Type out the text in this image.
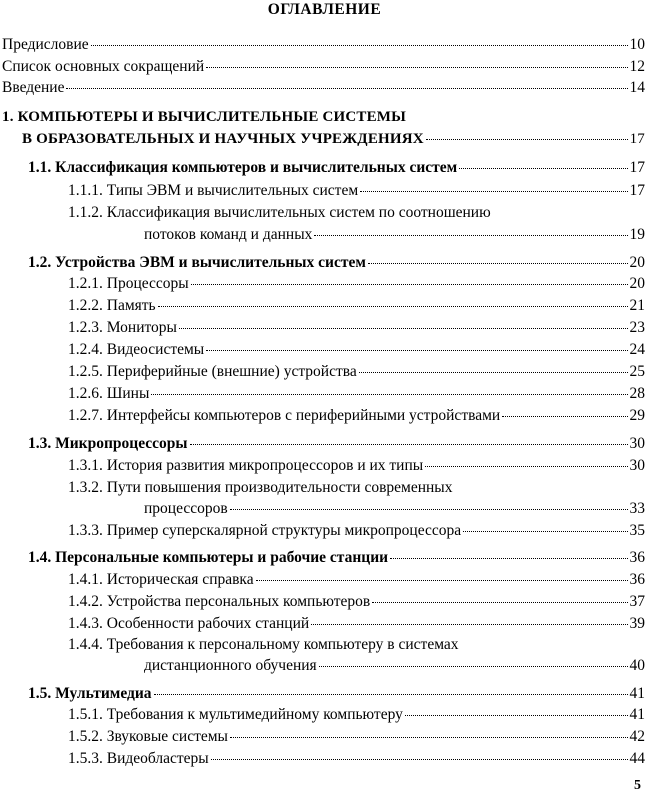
ОГЛАВЛЕНИЕ
Предисловие	10
Список основных сокращений	12
Введение	14
1. КОМПЬЮТЕРЫ И ВЫЧИСЛИТЕЛЬНЫЕ СИСТЕМЫ
В ОБРАЗОВАТЕЛЬНЫХ И НАУЧНЫХ УЧРЕЖДЕНИЯХ	17
1.1. Классификация компьютеров и вычислительных систем	17
1.1.1. Типы ЭВМ и вычислительных систем	17
1.1.2. Классификация вычислительных систем по соотношению
потоков команд и данных	19
1.2. Устройства ЭВМ и вычислительных систем	20
1.2.1. Процессоры	20
1.2.2. Память	21
1.2.3. Мониторы	23
1.2.4. Видеосистемы	24
1.2.5. Периферийные (внешние) устройства	25
1.2.6. Шины	28
1.2.7. Интерфейсы компьютеров с периферийными устройствами	29
1.3. Микропроцессоры	30
1.3.1. История развития микропроцессоров и их типы	30
1.3.2. Пути повышения производительности современных
процессоров	33
1.3.3. Пример суперскалярной структуры микропроцессора	35
1.4. Персональные компьютеры и рабочие станции	36
1.4.1. Историческая справка	36
1.4.2. Устройства персональных компьютеров	37
1.4.3. Особенности рабочих станций	39
1.4.4. Требования к персональному компьютеру в системах
дистанционного обучения	40
1.5. Мультимедиа	41
1.5.1. Требования к мультимедийному компьютеру	41
1.5.2. Звуковые системы	42
1.5.3. Видеобластеры	44
5
